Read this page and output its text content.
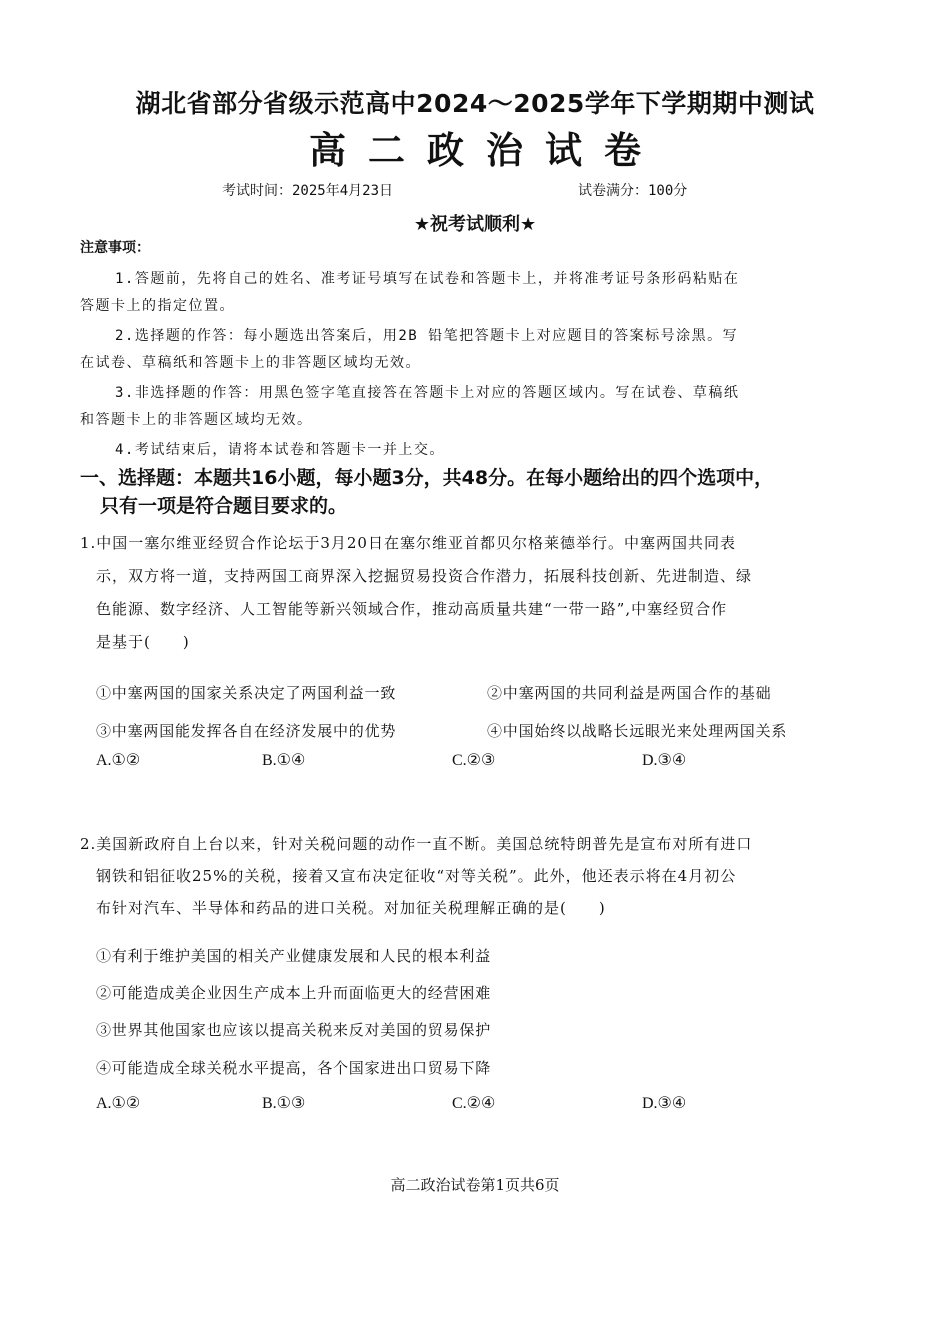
湖北省部分省级示范高中2024～2025学年下学期期中测试
高二政治试卷
考试时间：2025年4月23日	试卷满分：100分
★祝考试顺利★
注意事项：
1.答题前，先将自己的姓名、准考证号填写在试卷和答题卡上，并将准考证号条形码粘贴在
答题卡上的指定位置。
2.选择题的作答：每小题选出答案后，用2B 铅笔把答题卡上对应题目的答案标号涂黑。写
在试卷、草稿纸和答题卡上的非答题区域均无效。
3.非选择题的作答：用黑色签字笔直接答在答题卡上对应的答题区域内。写在试卷、草稿纸
和答题卡上的非答题区域均无效。
4.考试结束后，请将本试卷和答题卡一并上交。
一、选择题：本题共16小题，每小题3分，共48分。在每小题给出的四个选项中，
只有一项是符合题目要求的。
1.中国一塞尔维亚经贸合作论坛于3月20日在塞尔维亚首都贝尔格莱德举行。中塞两国共同表
示，双方将一道，支持两国工商界深入挖掘贸易投资合作潜力，拓展科技创新、先进制造、绿
色能源、数字经济、人工智能等新兴领域合作，推动高质量共建“一带一路”,中塞经贸合作
是基于(　　)
①中塞两国的国家关系决定了两国利益一致	②中塞两国的共同利益是两国合作的基础
③中塞两国能发挥各自在经济发展中的优势	④中国始终以战略长远眼光来处理两国关系
A.①②	B.①④	C.②③	D.③④
2.美国新政府自上台以来，针对关税问题的动作一直不断。美国总统特朗普先是宣布对所有进口
钢铁和铝征收25%的关税，接着又宣布决定征收“对等关税”。此外，他还表示将在4月初公
布针对汽车、半导体和药品的进口关税。对加征关税理解正确的是(　　)
①有利于维护美国的相关产业健康发展和人民的根本利益
②可能造成美企业因生产成本上升而面临更大的经营困难
③世界其他国家也应该以提高关税来反对美国的贸易保护
④可能造成全球关税水平提高，各个国家进出口贸易下降
A.①②	B.①③	C.②④	D.③④
高二政治试卷第1页共6页
